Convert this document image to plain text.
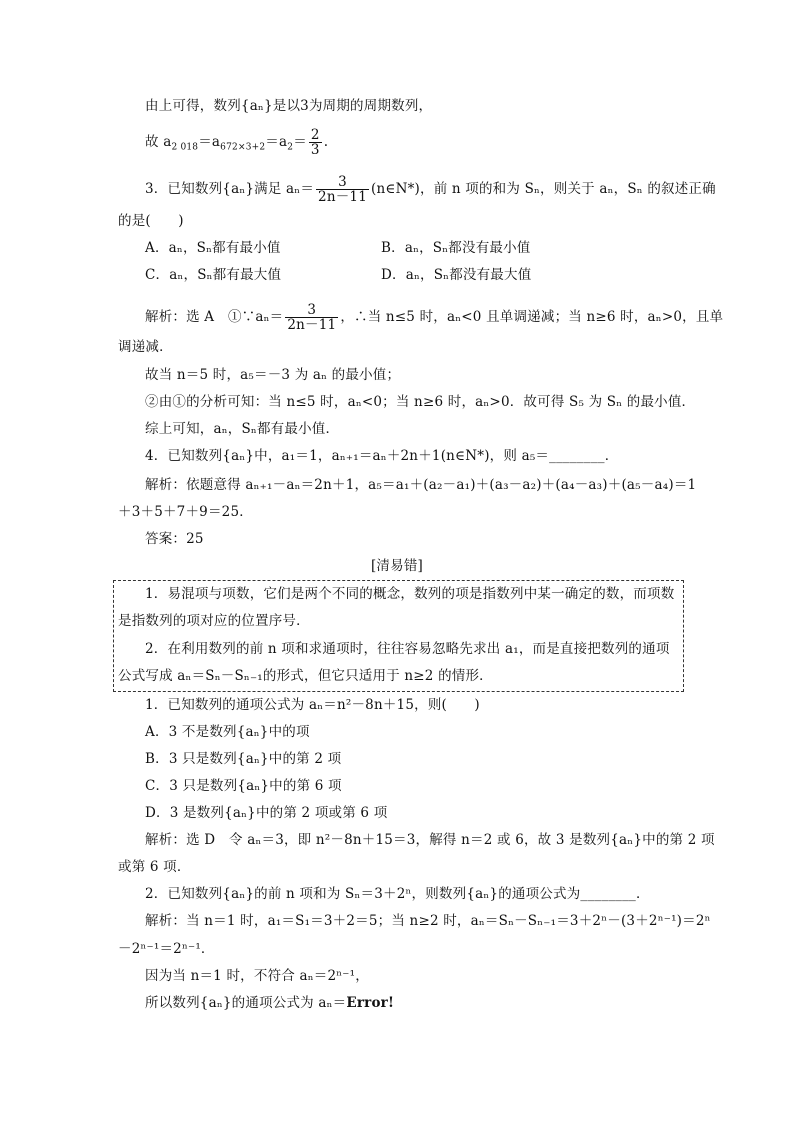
由上可得，数列{aₙ}是以3为周期的周期数列，
故 $a_{2 018}=a_{672\times 3+2}=a_2= \frac{2}{3}$ .
3．已知数列{aₙ}满足 $a_n= \frac{3}{2n-11}$ (n∈N*)，前 n 项的和为 Sₙ，则关于 aₙ，Sₙ 的叙述正确
的是(　　)
A．aₙ，Sₙ都有最小值	B．aₙ，Sₙ都没有最小值
C．aₙ，Sₙ都有最大值	D．aₙ，Sₙ都没有最大值
解析：选 A　①∵aₙ＝ $\frac{3}{2n-11}$ ，∴当 n≤5 时，aₙ<0 且单调递减；当 n≥6 时，aₙ>0，且单
调递减．
故当 n＝5 时，a₅＝－3 为 aₙ 的最小值；
②由①的分析可知：当 n≤5 时，aₙ<0；当 n≥6 时，aₙ>0．故可得 S₅ 为 Sₙ 的最小值．
综上可知，aₙ，Sₙ都有最小值．
4．已知数列{aₙ}中，a₁＝1，aₙ₊₁＝aₙ＋2n＋1(n∈N*)，则 a₅＝________．
解析：依题意得 aₙ₊₁－aₙ＝2n＋1，a₅＝a₁＋(a₂－a₁)＋(a₃－a₂)＋(a₄－a₃)＋(a₅－a₄)＝1
＋3＋5＋7＋9＝25．
答案：25
[清易错]
1．易混项与项数，它们是两个不同的概念，数列的项是指数列中某一确定的数，而项数
是指数列的项对应的位置序号．
2．在利用数列的前 n 项和求通项时，往往容易忽略先求出 a₁，而是直接把数列的通项
公式写成 aₙ＝Sₙ－Sₙ₋₁的形式，但它只适用于 n≥2 的情形．
1．已知数列的通项公式为 aₙ＝n²－8n＋15，则(　　)
A．3 不是数列{aₙ}中的项
B．3 只是数列{aₙ}中的第 2 项
C．3 只是数列{aₙ}中的第 6 项
D．3 是数列{aₙ}中的第 2 项或第 6 项
解析：选 D　令 aₙ＝3，即 n²－8n＋15＝3，解得 n＝2 或 6，故 3 是数列{aₙ}中的第 2 项
或第 6 项．
2．已知数列{aₙ}的前 n 项和为 Sₙ＝3＋2ⁿ，则数列{aₙ}的通项公式为________．
解析：当 n＝1 时，a₁＝S₁＝3＋2＝5；当 n≥2 时，aₙ＝Sₙ－Sₙ₋₁＝3＋2ⁿ－(3＋2ⁿ⁻¹)＝2ⁿ
－2ⁿ⁻¹＝2ⁿ⁻¹．
因为当 n＝1 时，不符合 aₙ＝2ⁿ⁻¹，
所以数列{aₙ}的通项公式为 aₙ＝Error!
